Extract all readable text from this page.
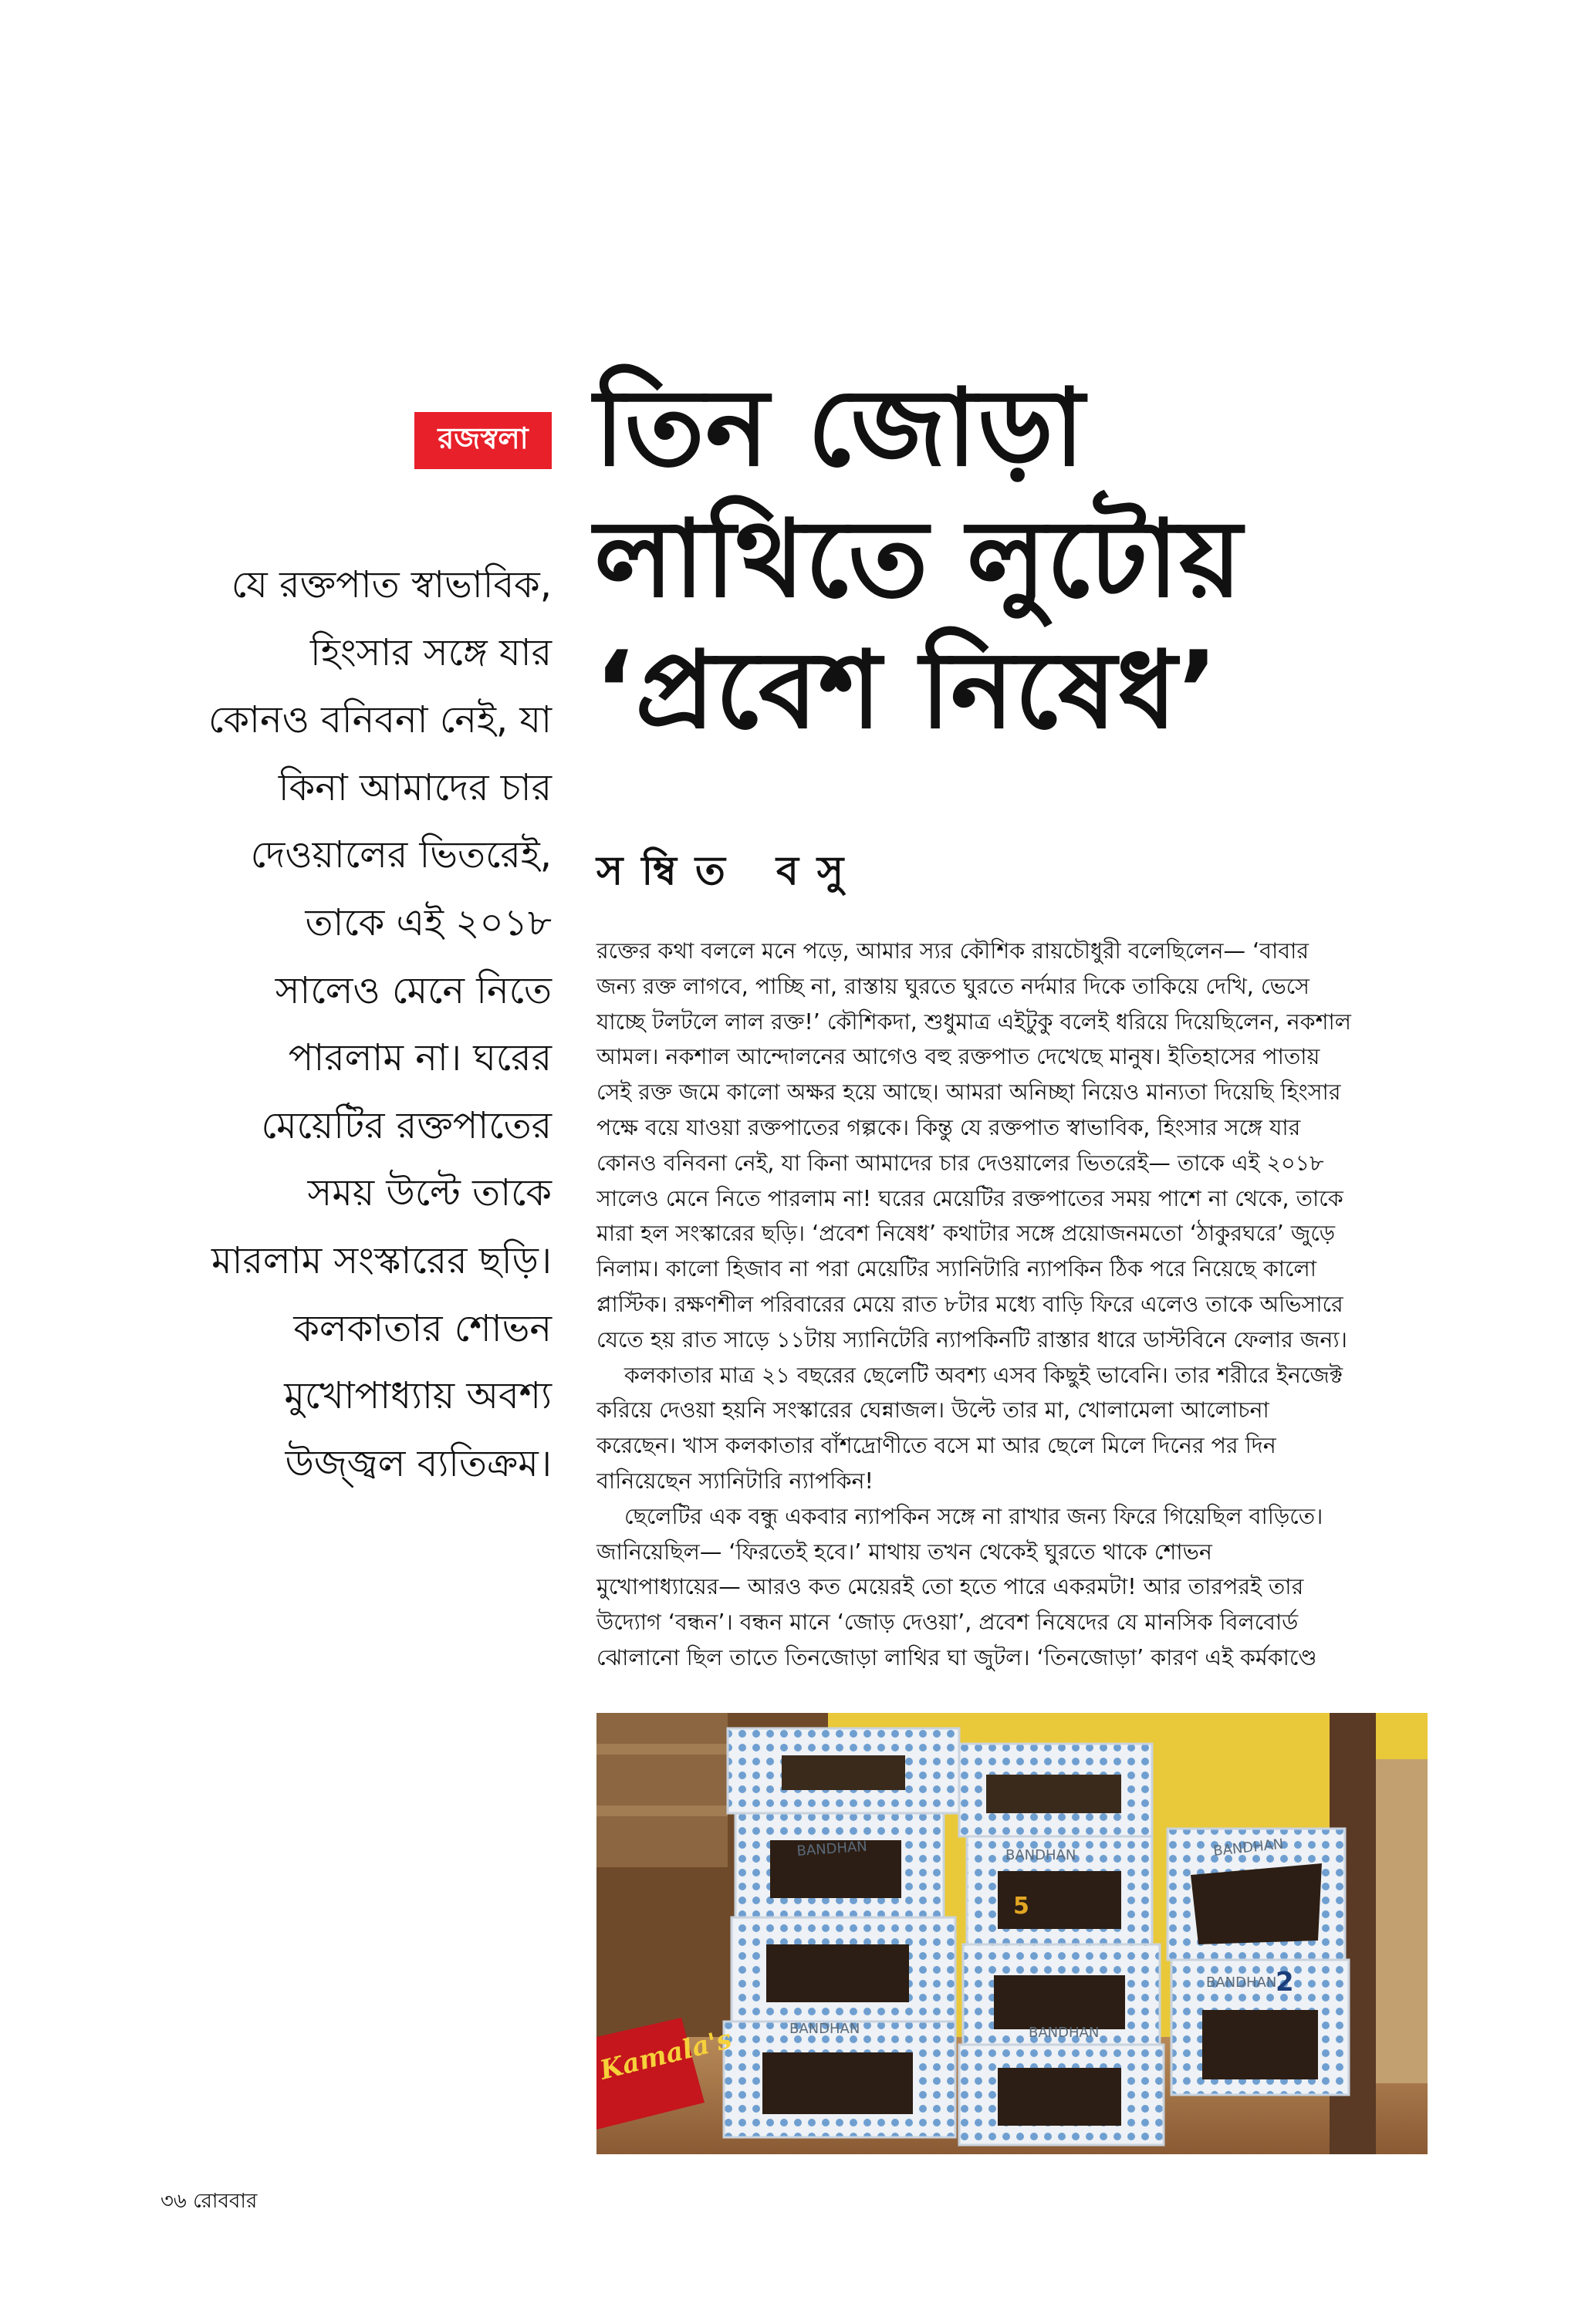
রজস্বলা তিন জোড়া
লাথিতে লুটোয়
‘প্রবেশ নিষেধ’
সম্বিত বসু
যে রক্তপাত স্বাভাবিক,
হিংসার সঙ্গে যার
কোনও বনিবনা নেই, যা
কিনা আমাদের চার
দেওয়ালের ভিতরেই,
তাকে এই ২০১৮
সালেও মেনে নিতে
পারলাম না। ঘরের
মেয়েটির রক্তপাতের
সময় উল্টে তাকে
মারলাম সংস্কারের ছড়ি।
কলকাতার শোভন
মুখোপাধ্যায় অবশ্য
উজ্জ্বল ব্যতিক্রম।
রক্তের কথা বললে মনে পড়ে, আমার স্যর কৌশিক রায়চৌধুরী বলেছিলেন— ‘বাবার
জন্য রক্ত লাগবে, পাচ্ছি না, রাস্তায় ঘুরতে ঘুরতে নর্দমার দিকে তাকিয়ে দেখি, ভেসে
যাচ্ছে টলটলে লাল রক্ত!’ কৌশিকদা, শুধুমাত্র এইটুকু বলেই ধরিয়ে দিয়েছিলেন, নকশাল
আমল। নকশাল আন্দোলনের আগেও বহু রক্তপাত দেখেছে মানুষ। ইতিহাসের পাতায়
সেই রক্ত জমে কালো অক্ষর হয়ে আছে। আমরা অনিচ্ছা নিয়েও মান্যতা দিয়েছি হিংসার
পক্ষে বয়ে যাওয়া রক্তপাতের গল্পকে। কিন্তু যে রক্তপাত স্বাভাবিক, হিংসার সঙ্গে যার
কোনও বনিবনা নেই, যা কিনা আমাদের চার দেওয়ালের ভিতরেই— তাকে এই ২০১৮
সালেও মেনে নিতে পারলাম না! ঘরের মেয়েটির রক্তপাতের সময় পাশে না থেকে, তাকে
মারা হল সংস্কারের ছড়ি। ‘প্রবেশ নিষেধ’ কথাটার সঙ্গে প্রয়োজনমতো ‘ঠাকুরঘরে’ জুড়ে
নিলাম। কালো হিজাব না পরা মেয়েটির স্যানিটারি ন্যাপকিন ঠিক পরে নিয়েছে কালো
প্লাস্টিক। রক্ষণশীল পরিবারের মেয়ে রাত ৮টার মধ্যে বাড়ি ফিরে এলেও তাকে অভিসারে
যেতে হয় রাত সাড়ে ১১টায় স্যানিটেরি ন্যাপকিনটি রাস্তার ধারে ডাস্টবিনে ফেলার জন্য।
কলকাতার মাত্র ২১ বছরের ছেলেটি অবশ্য এসব কিছুই ভাবেনি। তার শরীরে ইনজেক্ট
করিয়ে দেওয়া হয়নি সংস্কারের ঘেন্নাজল। উল্টে তার মা, খোলামেলা আলোচনা
করেছেন। খাস কলকাতার বাঁশদ্রোণীতে বসে মা আর ছেলে মিলে দিনের পর দিন
বানিয়েছেন স্যানিটারি ন্যাপকিন!
ছেলেটির এক বন্ধু একবার ন্যাপকিন সঙ্গে না রাখার জন্য ফিরে গিয়েছিল বাড়িতে।
জানিয়েছিল— ‘ফিরতেই হবে।’ মাথায় তখন থেকেই ঘুরতে থাকে শোভন
মুখোপাধ্যায়ের— আরও কত মেয়েরই তো হতে পারে একরমটা! আর তারপরই তার
উদ্যোগ ‘বন্ধন’। বন্ধন মানে ‘জোড় দেওয়া’, প্রবেশ নিষেদের যে মানসিক বিলবোর্ড
ঝোলানো ছিল তাতে তিনজোড়া লাথির ঘা জুটল। ‘তিনজোড়া’ কারণ এই কর্মকাণ্ডে
BANDHAN	BANDHAN
BANDHAN	BANDHAN
BANDHAN
BANDHAN
5
2
Kamala's
৩৬ রোববার
